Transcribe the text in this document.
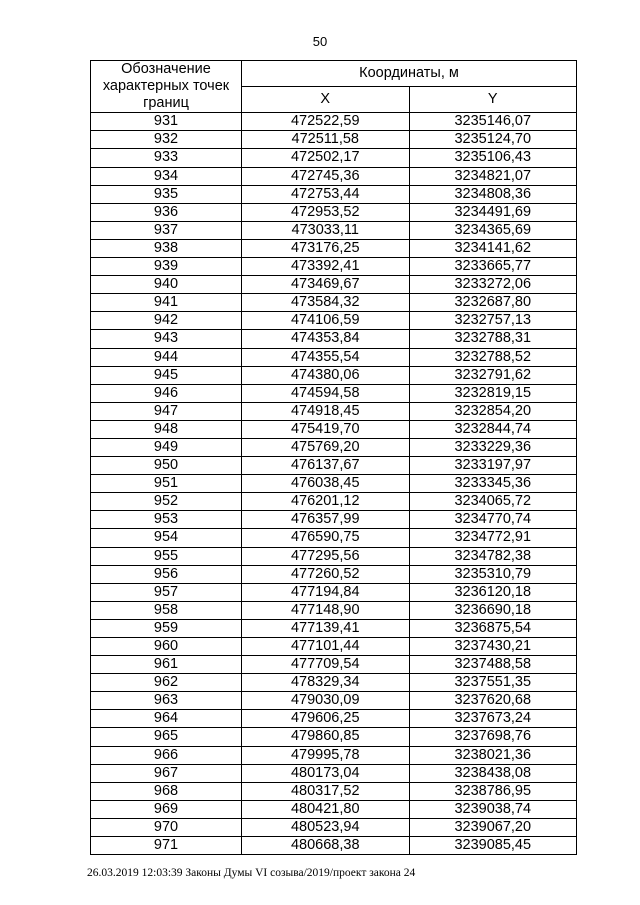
50
Обозначение
характерных точек
границ	Координаты, м	
	X	Y
931	472522,59	3235146,07
932	472511,58	3235124,70
933	472502,17	3235106,43
934	472745,36	3234821,07
935	472753,44	3234808,36
936	472953,52	3234491,69
937	473033,11	3234365,69
938	473176,25	3234141,62
939	473392,41	3233665,77
940	473469,67	3233272,06
941	473584,32	3232687,80
942	474106,59	3232757,13
943	474353,84	3232788,31
944	474355,54	3232788,52
945	474380,06	3232791,62
946	474594,58	3232819,15
947	474918,45	3232854,20
948	475419,70	3232844,74
949	475769,20	3233229,36
950	476137,67	3233197,97
951	476038,45	3233345,36
952	476201,12	3234065,72
953	476357,99	3234770,74
954	476590,75	3234772,91
955	477295,56	3234782,38
956	477260,52	3235310,79
957	477194,84	3236120,18
958	477148,90	3236690,18
959	477139,41	3236875,54
960	477101,44	3237430,21
961	477709,54	3237488,58
962	478329,34	3237551,35
963	479030,09	3237620,68
964	479606,25	3237673,24
965	479860,85	3237698,76
966	479995,78	3238021,36
967	480173,04	3238438,08
968	480317,52	3238786,95
969	480421,80	3239038,74
970	480523,94	3239067,20
971	480668,38	3239085,45
26.03.2019 12:03:39 Законы Думы VI созыва/2019/проект закона 24
